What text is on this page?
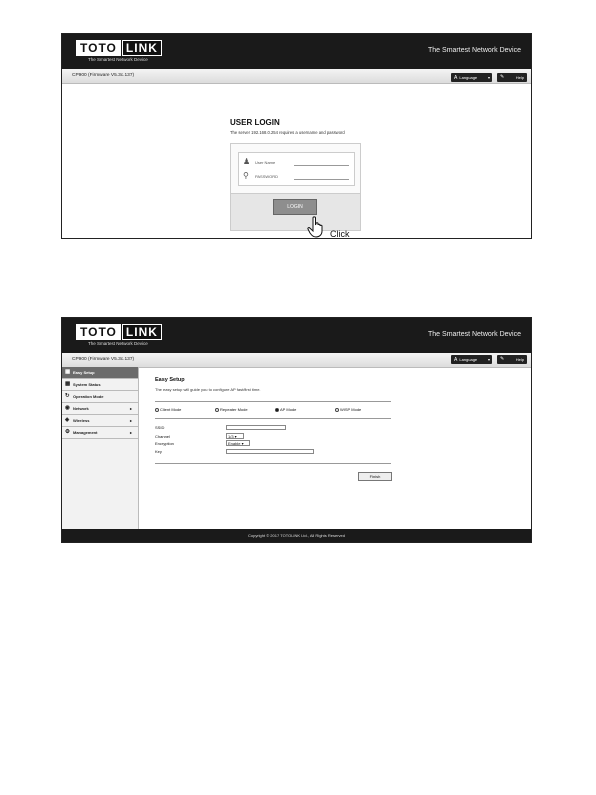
TOTO LINK
The Smartest Network Device
The Smartest Network Device
CP900 (Firmware V5.3c.137)	A Language	▾ ✎	Help
USER LOGIN
The server 192.168.0.254 requires a username and password
♟ User Name
⚲ PASSWORD
LOGIN
Click
TOTO LINK
The Smartest Network Device
The Smartest Network Device
CP900 (Firmware V5.3c.137)	A Language	▾ ✎	Help
▦ Easy Setup
▩ System Status
↻ Operation Mode
◉ Network	▸
◈ Wireless	▸
⚙ Management	▸
Easy Setup
The easy setup will guide you to configure AP fast/first time.
Client Mode	Repeater Mode	AP Mode	WISP Mode
SSID
Channel	1/3 ▾
Encryption	Enable ▾
Key
Finish
Copyright © 2017 TOTOLINK Ltd., All Rights Reserved
